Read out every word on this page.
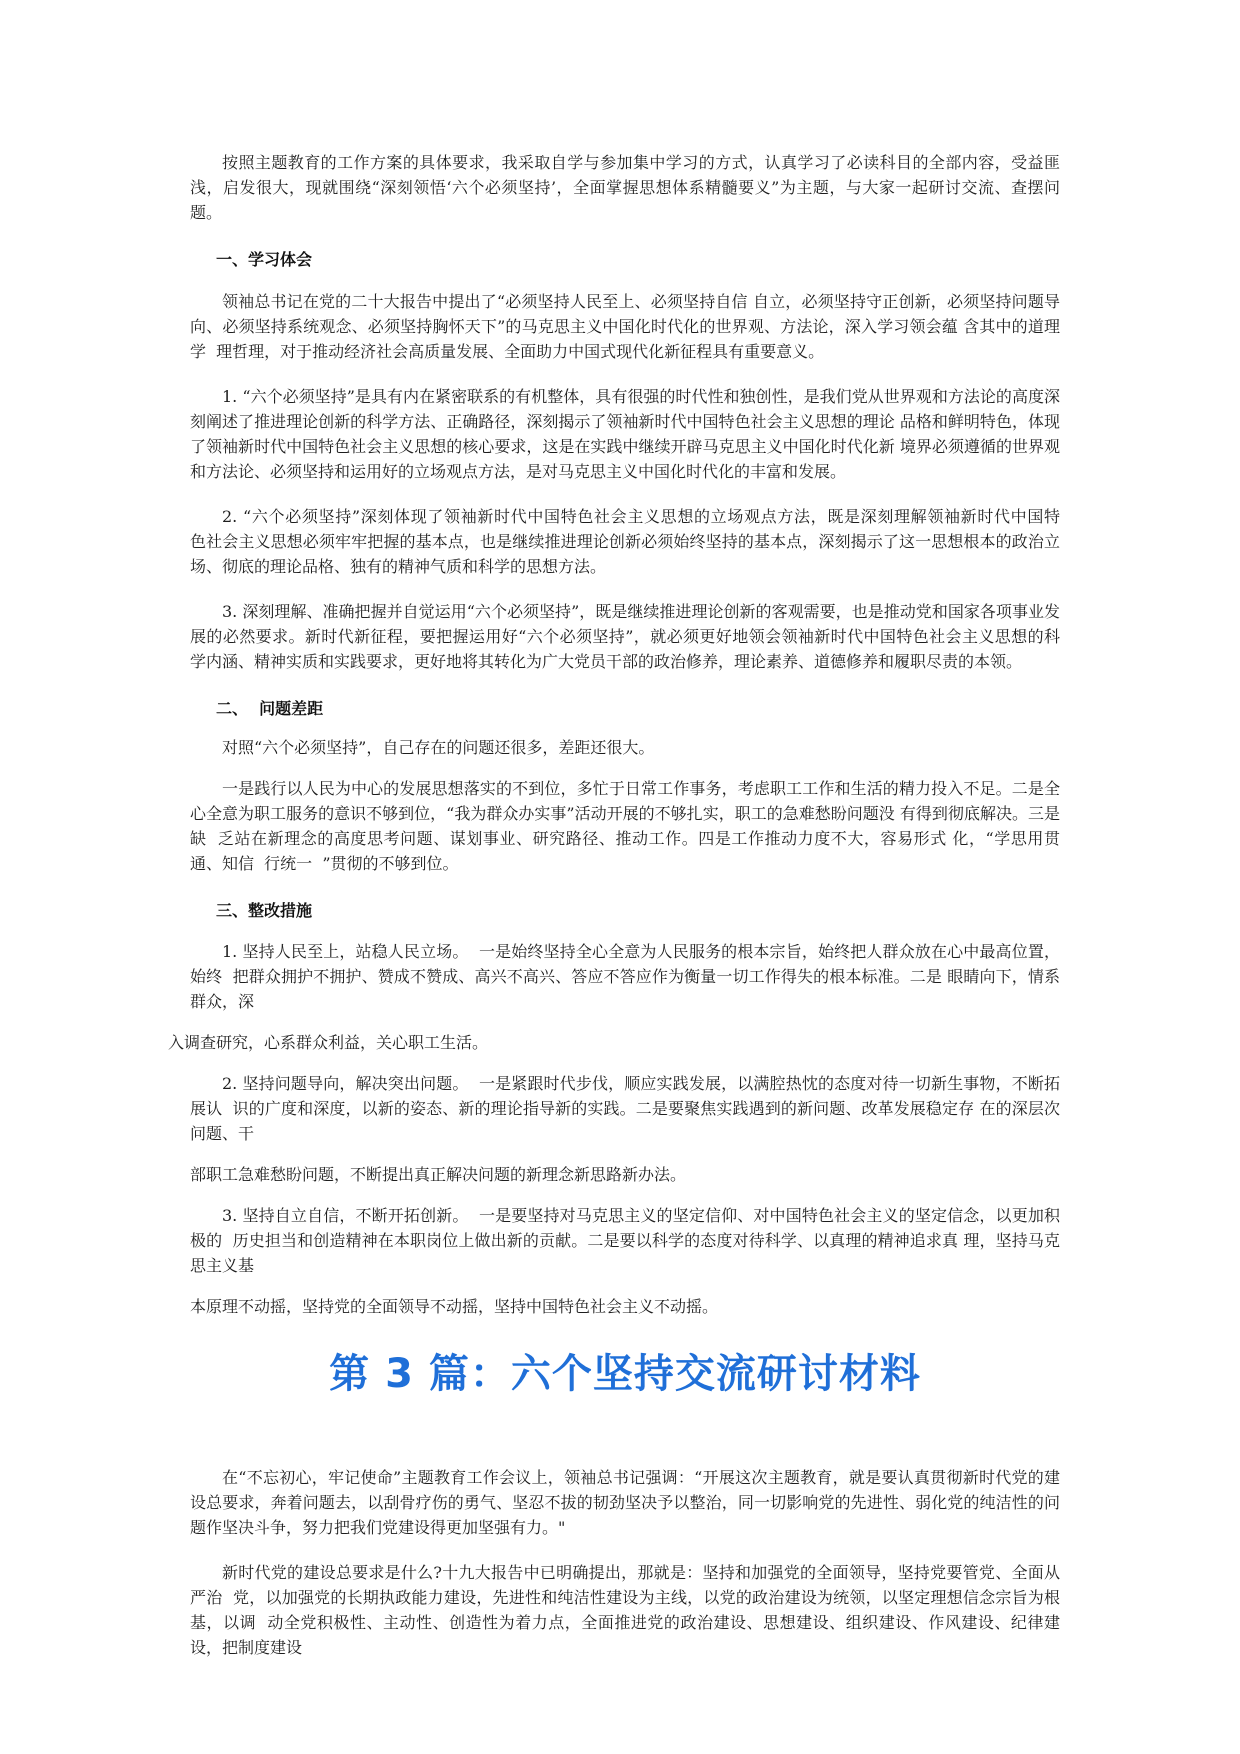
按照主题教育的工作方案的具体要求，我采取自学与参加集中学习的方式，认真学习了必读科目的全部内容，受益匪浅，启发很大，现就围绕“深刻领悟‘六个必须坚持’，全面掌握思想体系精髓要义”为主题，与大家一起研讨交流、查摆问题。

一、学习体会

领袖总书记在党的二十大报告中提出了“必须坚持人民至上、必须坚持自信 自立，必须坚持守正创新，必须坚持问题导向、必须坚持系统观念、必须坚持胸怀天下”的马克思主义中国化时代化的世界观、方法论，深入学习领会蕴 含其中的道理学  理哲理，对于推动经济社会高质量发展、全面助力中国式现代化新征程具有重要意义。

1. “六个必须坚持”是具有内在紧密联系的有机整体，具有很强的时代性和独创性，是我们党从世界观和方法论的高度深  刻阐述了推进理论创新的科学方法、正确路径，深刻揭示了领袖新时代中国特色社会主义思想的理论 品格和鲜明特色，体现  了领袖新时代中国特色社会主义思想的核心要求，这是在实践中继续开辟马克思主义中国化时代化新 境界必须遵循的世界观  和方法论、必须坚持和运用好的立场观点方法，是对马克思主义中国化时代化的丰富和发展。

2. “六个必须坚持”深刻体现了领袖新时代中国特色社会主义思想的立场观点方法，既是深刻理解领袖新时代中国特    色社会主义思想必须牢牢把握的基本点，也是继续推进理论创新必须始终坚持的基本点，深刻揭示了这一思想根本的政治立场、彻底的理论品格、独有的精神气质和科学的思想方法。

3. 深刻理解、准确把握并自觉运用“六个必须坚持”，既是继续推进理论创新的客观需要，也是推动党和国家各项事业发  展的必然要求。新时代新征程，要把握运用好“六个必须坚持”，就必须更好地领会领袖新时代中国特色社会主义思想的科  学内涵、精神实质和实践要求，更好地将其转化为广大党员干部的政治修养，理论素养、道德修养和履职尽责的本领。

二、  问题差距

对照“六个必须坚持”，自己存在的问题还很多，差距还很大。

一是践行以人民为中心的发展思想落实的不到位，多忙于日常工作事务，考虑职工工作和生活的精力投入不足。二是全心全意为职工服务的意识不够到位，“我为群众办实事”活动开展的不够扎实，职工的急难愁盼问题没 有得到彻底解决。三是缺  乏站在新理念的高度思考问题、谋划事业、研究路径、推动工作。四是工作推动力度不大，容易形式 化，“学思用贯通、知信  行统一  ”贯彻的不够到位。

三、整改措施

1. 坚持人民至上，站稳人民立场。  一是始终坚持全心全意为人民服务的根本宗旨，始终把人群众放在心中最高位置，始终  把群众拥护不拥护、赞成不赞成、高兴不高兴、答应不答应作为衡量一切工作得失的根本标准。二是 眼睛向下，情系群众，深

入调查研究，心系群众利益，关心职工生活。

2. 坚持问题导向，解决突出问题。  一是紧跟时代步伐，顺应实践发展，以满腔热忱的态度对待一切新生事物，不断拓展认  识的广度和深度，以新的姿态、新的理论指导新的实践。二是要聚焦实践遇到的新问题、改革发展稳定存 在的深层次问题、干

部职工急难愁盼问题，不断提出真正解决问题的新理念新思路新办法。

3. 坚持自立自信，不断开拓创新。  一是要坚持对马克思主义的坚定信仰、对中国特色社会主义的坚定信念，以更加积极的  历史担当和创造精神在本职岗位上做出新的贡献。二是要以科学的态度对待科学、以真理的精神追求真 理，坚持马克思主义基

本原理不动摇，坚持党的全面领导不动摇，坚持中国特色社会主义不动摇。

第 3 篇：六个坚持交流研讨材料

在“不忘初心，牢记使命”主题教育工作会议上，领袖总书记强调：“开展这次主题教育，就是要认真贯彻新时代党的建设总要求，奔着问题去，以刮骨疗伤的勇气、坚忍不拔的韧劲坚决予以整治，同一切影响党的先进性、弱化党的纯洁性的问题作坚决斗争，努力把我们党建设得更加坚强有力。"

新时代党的建设总要求是什么?十九大报告中已明确提出，那就是：坚持和加强党的全面领导，坚持党要管党、全面从严治  党，以加强党的长期执政能力建设，先进性和纯洁性建设为主线，以党的政治建设为统领，以坚定理想信念宗旨为根 基，以调  动全党积极性、主动性、创造性为着力点，全面推进党的政治建设、思想建设、组织建设、作风建设、纪律建设，把制度建设
